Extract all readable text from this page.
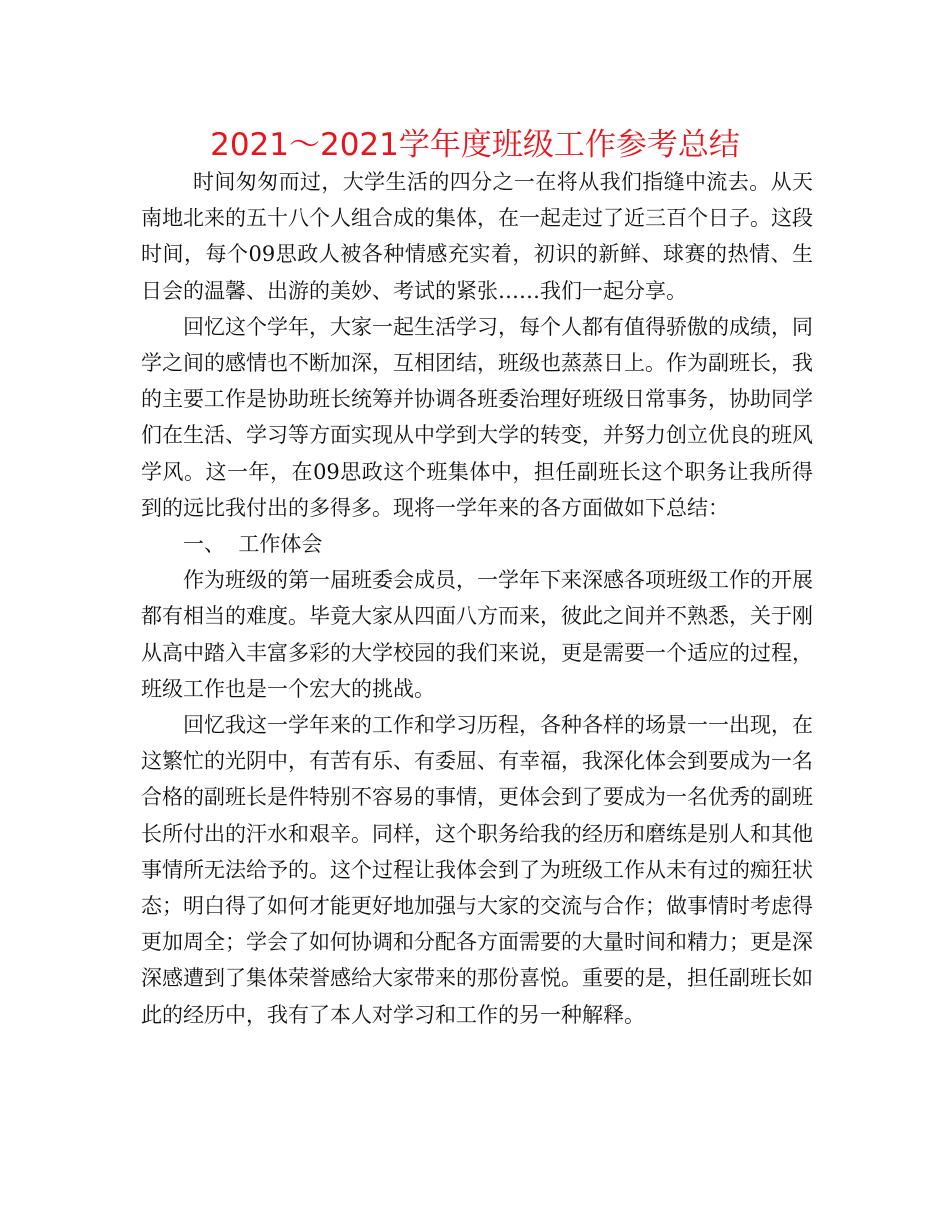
2021～2021学年度班级工作参考总结

时间匆匆而过，大学生活的四分之一在将从我们指缝中流去。从天南地北来的五十八个人组合成的集体，在一起走过了近三百个日子。这段时间，每个09思政人被各种情感充实着，初识的新鲜、球赛的热情、生日会的温馨、出游的美妙、考试的紧张……我们一起分享。

回忆这个学年，大家一起生活学习，每个人都有值得骄傲的成绩，同学之间的感情也不断加深，互相团结，班级也蒸蒸日上。作为副班长，我的主要工作是协助班长统筹并协调各班委治理好班级日常事务，协助同学们在生活、学习等方面实现从中学到大学的转变，并努力创立优良的班风学风。这一年，在09思政这个班集体中，担任副班长这个职务让我所得到的远比我付出的多得多。现将一学年来的各方面做如下总结：

一、  工作体会

作为班级的第一届班委会成员，一学年下来深感各项班级工作的开展都有相当的难度。毕竟大家从四面八方而来，彼此之间并不熟悉，关于刚从高中踏入丰富多彩的大学校园的我们来说，更是需要一个适应的过程，班级工作也是一个宏大的挑战。

回忆我这一学年来的工作和学习历程，各种各样的场景一一出现，在这繁忙的光阴中，有苦有乐、有委屈、有幸福，我深化体会到要成为一名合格的副班长是件特别不容易的事情，更体会到了要成为一名优秀的副班长所付出的汗水和艰辛。同样，这个职务给我的经历和磨练是别人和其他事情所无法给予的。这个过程让我体会到了为班级工作从未有过的痴狂状态；明白得了如何才能更好地加强与大家的交流与合作；做事情时考虑得更加周全；学会了如何协调和分配各方面需要的大量时间和精力；更是深深感遭到了集体荣誉感给大家带来的那份喜悦。重要的是，担任副班长如此的经历中，我有了本人对学习和工作的另一种解释。
